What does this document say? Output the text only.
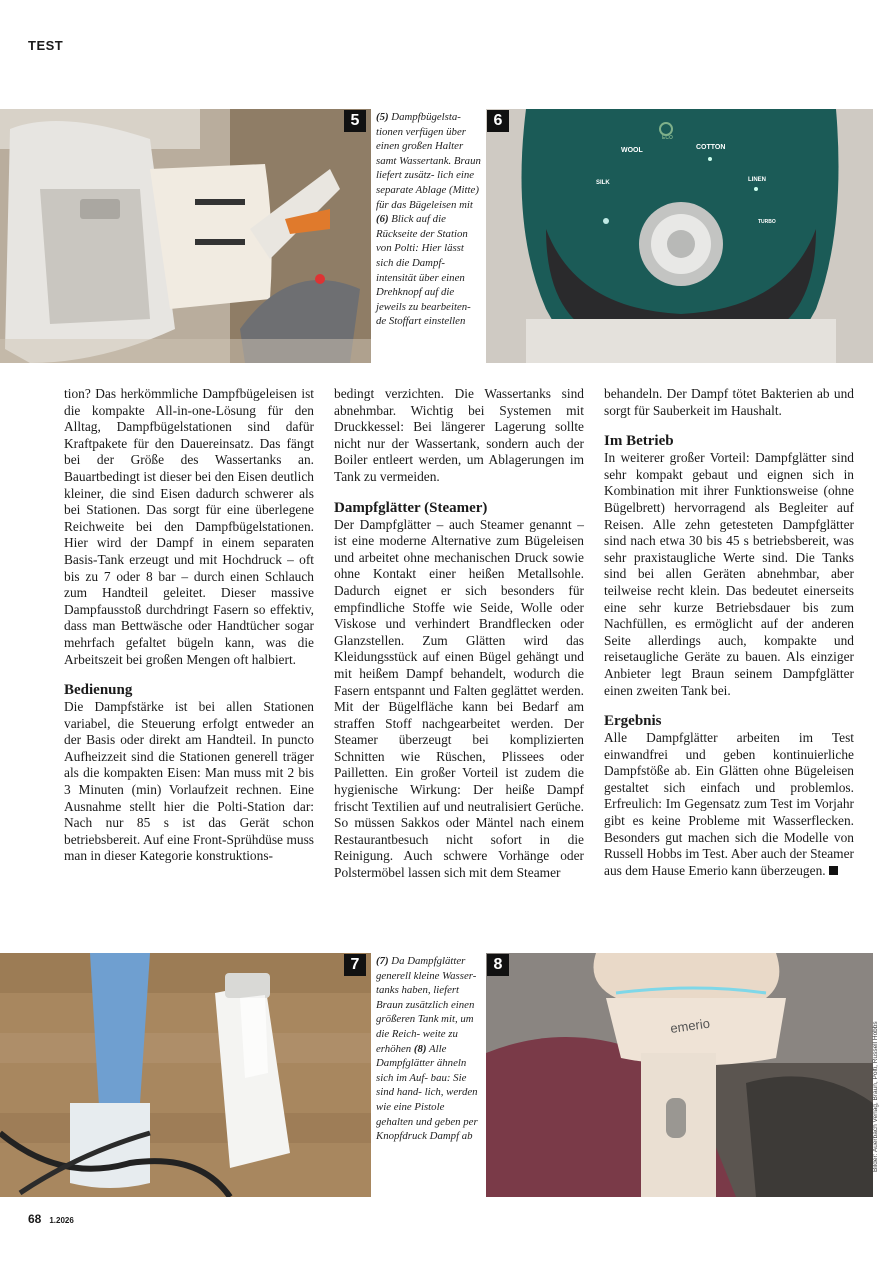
TEST
5	(5) Dampfbügelsta- tionen verfügen über einen großen Halter samt Wassertank. Braun liefert zusätz- lich eine separate Ablage (Mitte) für das Bügeleisen mit (6) Blick auf die Rückseite der Station von Polti: Hier lässt sich die Dampf- intensität über einen Drehknopf auf die jeweils zu bearbeiten- de Stoffart einstellen
WOOL	COTTON
SILK	LINEN
ECO
TURBO
6

tion? Das herkömmliche Dampfbügeleisen ist die kompakte All-in-one-Lösung für den Alltag, Dampfbügelstationen sind dafür Kraftpakete für den Dauereinsatz. Das fängt bei der Größe des Wassertanks an. Bauartbedingt ist dieser bei den Eisen deutlich kleiner, die sind Eisen dadurch schwerer als bei Stationen. Das sorgt für eine überlegene Reichweite bei den Dampfbügelstationen. Hier wird der Dampf in einem separaten Basis-Tank erzeugt und mit Hochdruck – oft bis zu 7 oder 8 bar – durch einen Schlauch zum Handteil geleitet. Dieser massive Dampfausstoß durchdringt Fasern so effektiv, dass man Bettwäsche oder Handtücher sogar mehrfach gefaltet bügeln kann, was die Arbeitszeit bei großen Mengen oft halbiert.

Bedienung

Die Dampfstärke ist bei allen Stationen variabel, die Steuerung erfolgt entweder an der Basis oder direkt am Handteil. In puncto Aufheizzeit sind die Stationen generell träger als die kompakten Eisen: Man muss mit 2 bis 3 Minuten (min) Vorlaufzeit rechnen. Eine Ausnahme stellt hier die Polti-Station dar: Nach nur 85 s ist das Gerät schon betriebsbereit. Auf eine Front-Sprühdüse muss man in dieser Kategorie konstruktions-

bedingt verzichten. Die Wassertanks sind abnehmbar. Wichtig bei Systemen mit Druckkessel: Bei längerer Lagerung sollte nicht nur der Wassertank, sondern auch der Boiler entleert werden, um Ablagerungen im Tank zu vermeiden.

Dampfglätter (Steamer)

Der Dampfglätter – auch Steamer genannt – ist eine moderne Alternative zum Bügeleisen und arbeitet ohne mechanischen Druck sowie ohne Kontakt einer heißen Metallsohle. Dadurch eignet er sich besonders für empfindliche Stoffe wie Seide, Wolle oder Viskose und verhindert Brandflecken oder Glanzstellen. Zum Glätten wird das Kleidungsstück auf einen Bügel gehängt und mit heißem Dampf behandelt, wodurch die Fasern entspannt und Falten geglättet werden. Mit der Bügelfläche kann bei Bedarf am straffen Stoff nachgearbeitet werden. Der Steamer überzeugt bei komplizierten Schnitten wie Rüschen, Plissees oder Pailletten. Ein großer Vorteil ist zudem die hygienische Wirkung: Der heiße Dampf frischt Textilien auf und neutralisiert Gerüche. So müssen Sakkos oder Mäntel nach einem Restaurantbesuch nicht sofort in die Reinigung. Auch schwere Vorhänge oder Polstermöbel lassen sich mit dem Steamer

behandeln. Der Dampf tötet Bakterien ab und sorgt für Sauberkeit im Haushalt.

Im Betrieb

In weiterer großer Vorteil: Dampfglätter sind sehr kompakt gebaut und eignen sich in Kombination mit ihrer Funktionsweise (ohne Bügelbrett) hervorragend als Begleiter auf Reisen. Alle zehn getesteten Dampfglätter sind nach etwa 30 bis 45 s betriebsbereit, was sehr praxistaugliche Werte sind. Die Tanks sind bei allen Geräten abnehmbar, aber teilweise recht klein. Das bedeutet einerseits eine sehr kurze Betriebsdauer bis zum Nachfüllen, es ermöglicht auf der anderen Seite allerdings auch, kompakte und reisetaugliche Geräte zu bauen. Als einziger Anbieter legt Braun seinem Dampfglätter einen zweiten Tank bei.

Ergebnis

Alle Dampfglätter arbeiten im Test einwandfrei und geben kontinuierliche Dampfstöße ab. Ein Glätten ohne Bügeleisen gestaltet sich einfach und problemlos. Erfreulich: Im Gegensatz zum Test im Vorjahr gibt es keine Probleme mit Wasserflecken. Besonders gut machen sich die Modelle von Russell Hobbs im Test. Aber auch der Steamer aus dem Hause Emerio kann überzeugen.

7	(7) Da Dampfglätter generell kleine Wasser- tanks haben, liefert Braun zusätzlich einen größeren Tank mit, um die Reich- weite zu erhöhen (8) Alle Dampfglätter ähneln sich im Auf- bau: Sie sind hand- lich, werden wie eine Pistole gehalten und geben per Knopfdruck Dampf ab
emerio
8
68 1.2026
Bilder: Auerbach Verlag, Braun, Polti, Russell Hobbs
